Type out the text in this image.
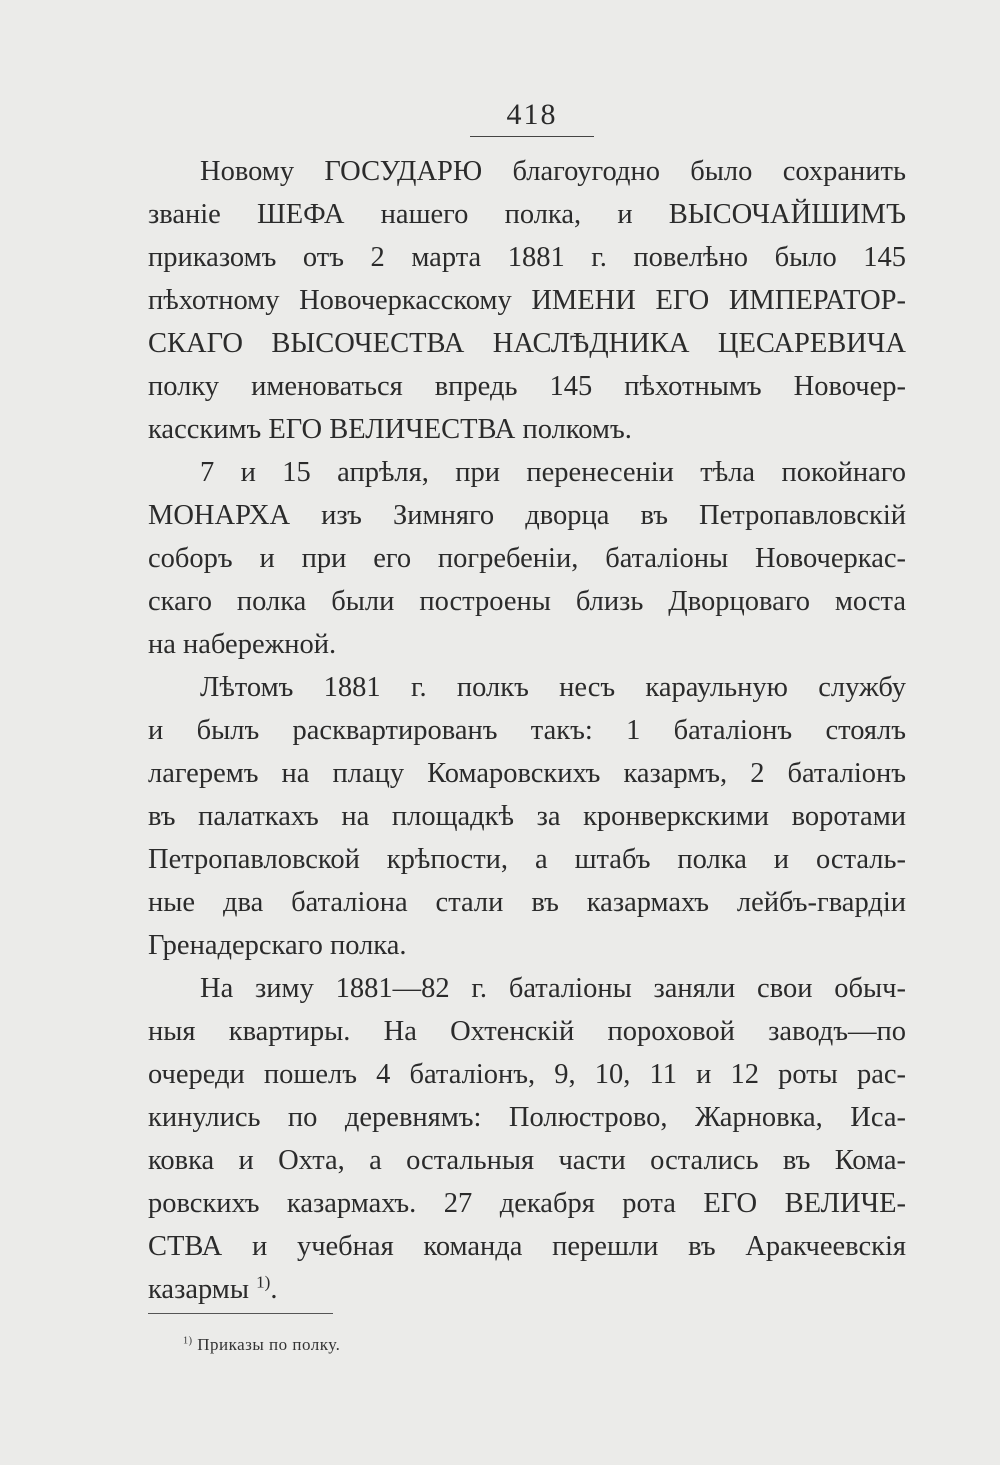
418

Новому ГОСУДАРЮ благоугодно было сохранить
званіе ШЕФА нашего полка, и ВЫСОЧАЙШИМЪ
приказомъ отъ 2 марта 1881 г. повелѣно было 145
пѣхотному Новочеркасскому ИМЕНИ ЕГО ИМПЕРАТОР-
СКАГО ВЫСОЧЕСТВА НАСЛѢДНИКА ЦЕСАРЕВИЧА
полку именоваться впредь 145 пѣхотнымъ Новочер-
касскимъ ЕГО ВЕЛИЧЕСТВА полкомъ.

7 и 15 апрѣля, при перенесеніи тѣла покойнаго
МОНАРХА изъ Зимняго дворца въ Петропавловскій
соборъ и при его погребеніи, баталіоны Новочеркас-
скаго полка были построены близь Дворцоваго моста
на набережной.

Лѣтомъ 1881 г. полкъ несъ караульную службу
и былъ расквартированъ такъ: 1 баталіонъ стоялъ
лагеремъ на плацу Комаровскихъ казармъ, 2 баталіонъ
въ палаткахъ на площадкѣ за кронверкскими воротами
Петропавловской крѣпости, а штабъ полка и осталь-
ные два баталіона стали въ казармахъ лейбъ-гвардіи
Гренадерскаго полка.

На зиму 1881—82 г. баталіоны заняли свои обыч-
ныя квартиры. На Охтенскій пороховой заводъ—по
очереди пошелъ 4 баталіонъ, 9, 10, 11 и 12 роты рас-
кинулись по деревнямъ: Полюстрово, Жарновка, Иса-
ковка и Охта, а остальныя части остались въ Кома-
ровскихъ казармахъ. 27 декабря рота ЕГО ВЕЛИЧЕ-
СТВА и учебная команда перешли въ Аракчеевскія
казармы $^{1)}$.

$^{1)}$ Приказы по полку.
